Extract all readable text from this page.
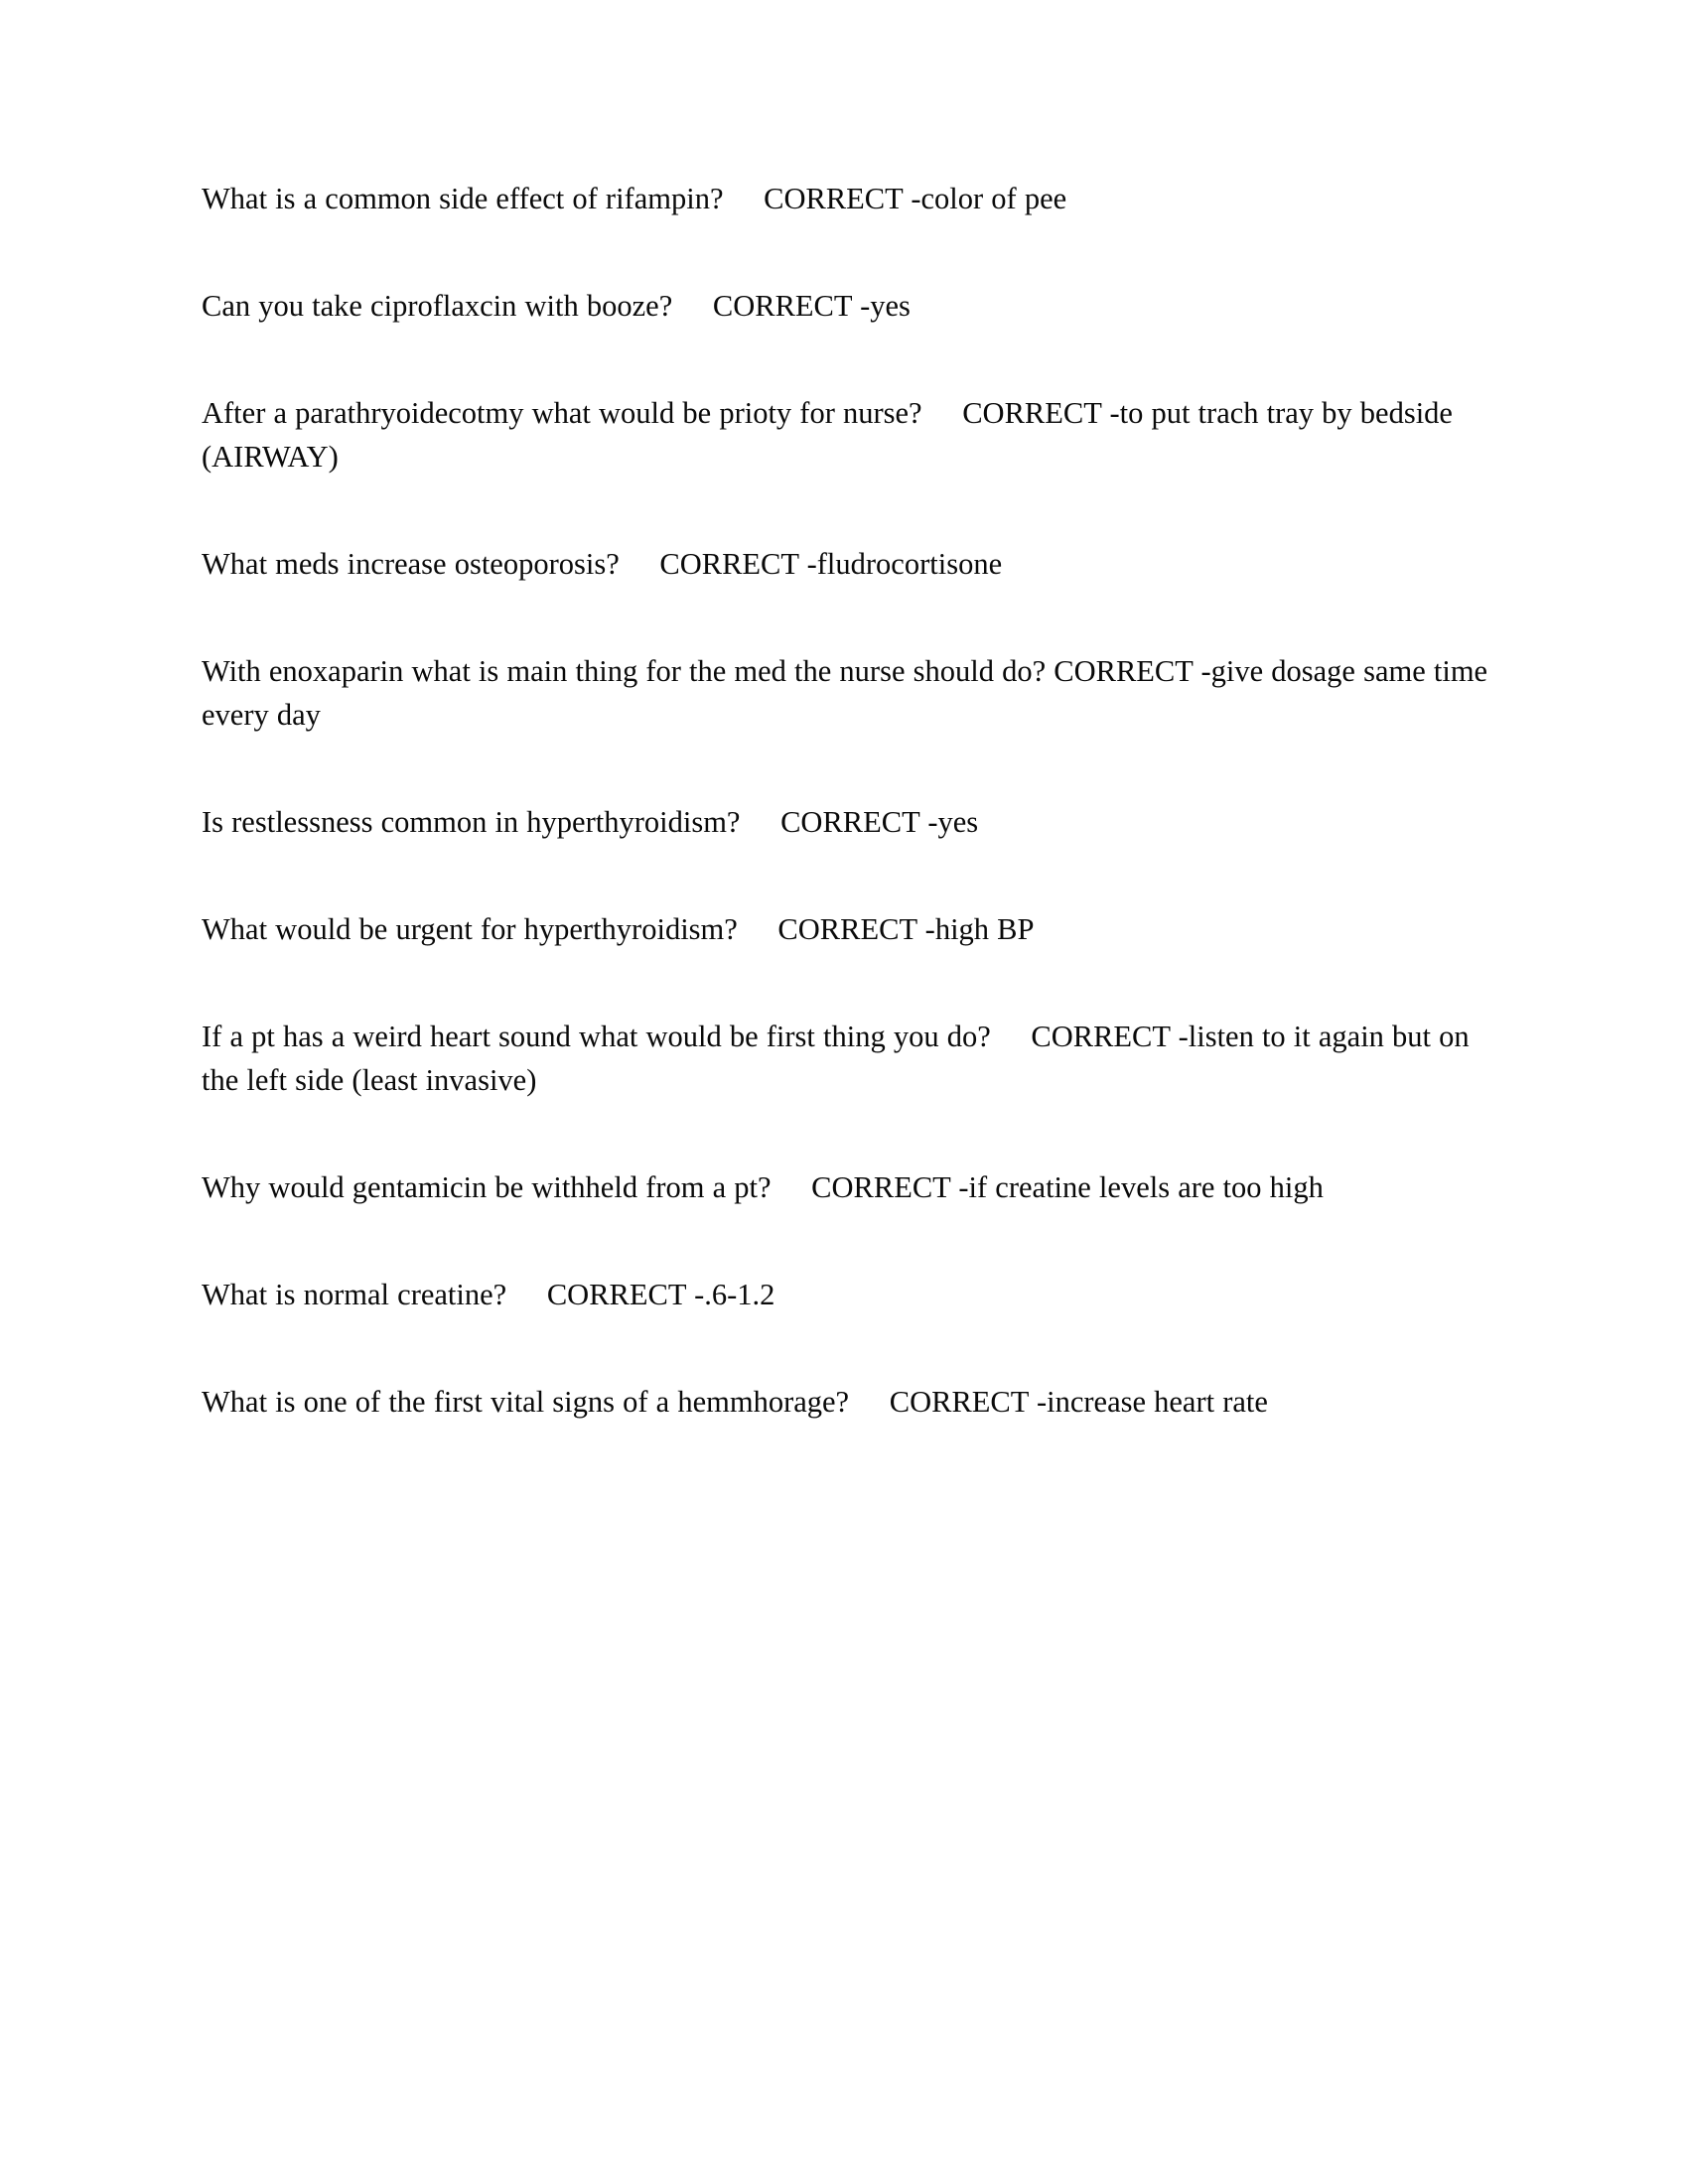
What is a common side effect of rifampin? CORRECT -color of pee

Can you take ciproflaxcin with booze? CORRECT -yes

After a parathryoidecotmy what would be prioty for nurse? CORRECT -to put trach tray by bedside (AIRWAY)

What meds increase osteoporosis? CORRECT -fludrocortisone

With enoxaparin what is main thing for the med the nurse should do? CORRECT -give dosage same time every day

Is restlessness common in hyperthyroidism? CORRECT -yes

What would be urgent for hyperthyroidism? CORRECT -high BP

If a pt has a weird heart sound what would be first thing you do? CORRECT -listen to it again but on the left side (least invasive)

Why would gentamicin be withheld from a pt? CORRECT -if creatine levels are too high

What is normal creatine? CORRECT -.6-1.2

What is one of the first vital signs of a hemmhorage? CORRECT -increase heart rate
